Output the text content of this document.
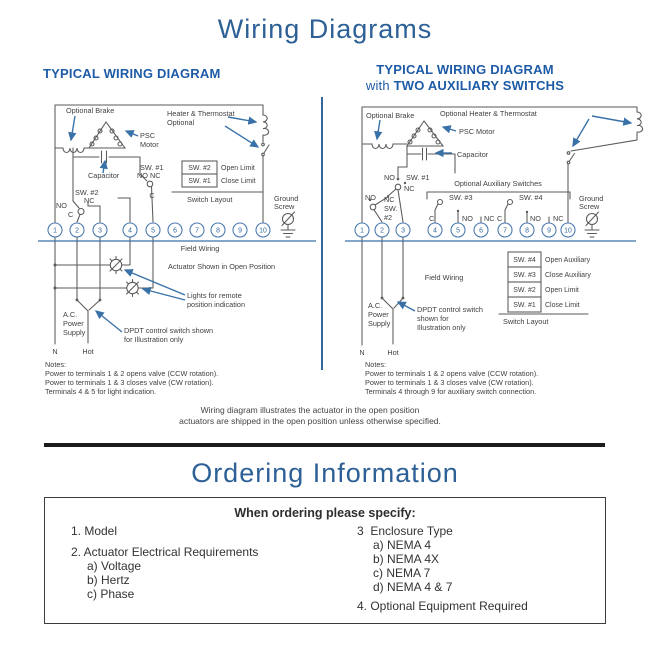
Wiring Diagrams
TYPICAL WIRING DIAGRAM	TYPICAL WIRING DIAGRAM
with TWO AUXILIARY SWITCHS
1	2	3	4	5	6	7 8	9 10
Optional Brake
PSC
Motor
Capacitor
Heater & Thermostat
Optional
SW. #1
NO NC
C
SW. #2
NC
NO
C
Ground
Screw
Field Wiring
Actuator Shown in Open Position
Lights for remote
position indication
DPDT control switch shown
for Illustration only
A.C.
Power
Supply
N	Hot
SW. #2 Open Limit
SW. #1 Close Limit
Switch Layout
Notes:
Power to terminals 1 & 2 opens valve (CCW rotation).
Power to terminals 1 & 3 closes valve (CW rotation).
Terminals 4 & 5 for light indication.
1 2 3	4	5	6	7	8	9 10
Optional Brake	Optional Heater & Thermostat
PSC Motor
Capacitor
NO SW. #1
NC
NO NC
SW.
#2
Optional Auxiliary Switches
SW. #3
C	NO NC
SW. #4
C	NO NC
Ground
Screw
Field Wiring
DPDT control switch
shown for
Illustration only
A.C.
Power
Supply
N	Hot
SW. #4 Open Auxiliary
SW. #3 Close Auxiliary
SW. #2 Open Limit
SW. #1 Close Limit
Switch Layout
Notes:
Power to terminals 1 & 2 opens valve (CCW rotation).
Power to terminals 1 & 3 closes valve (CW rotation).
Terminals 4 through 9 for auxiliary switch connection.
Wiring diagram illustrates the actuator in the open position
actuators are shipped in the open position unless otherwise specified.
Ordering Information
When ordering please specify:
1. Model
2. Actuator Electrical Requirements
a) Voltage
b) Hertz
c) Phase
3  Enclosure Type
a) NEMA 4
b) NEMA 4X
c) NEMA 7
d) NEMA 4 & 7
4. Optional Equipment Required
